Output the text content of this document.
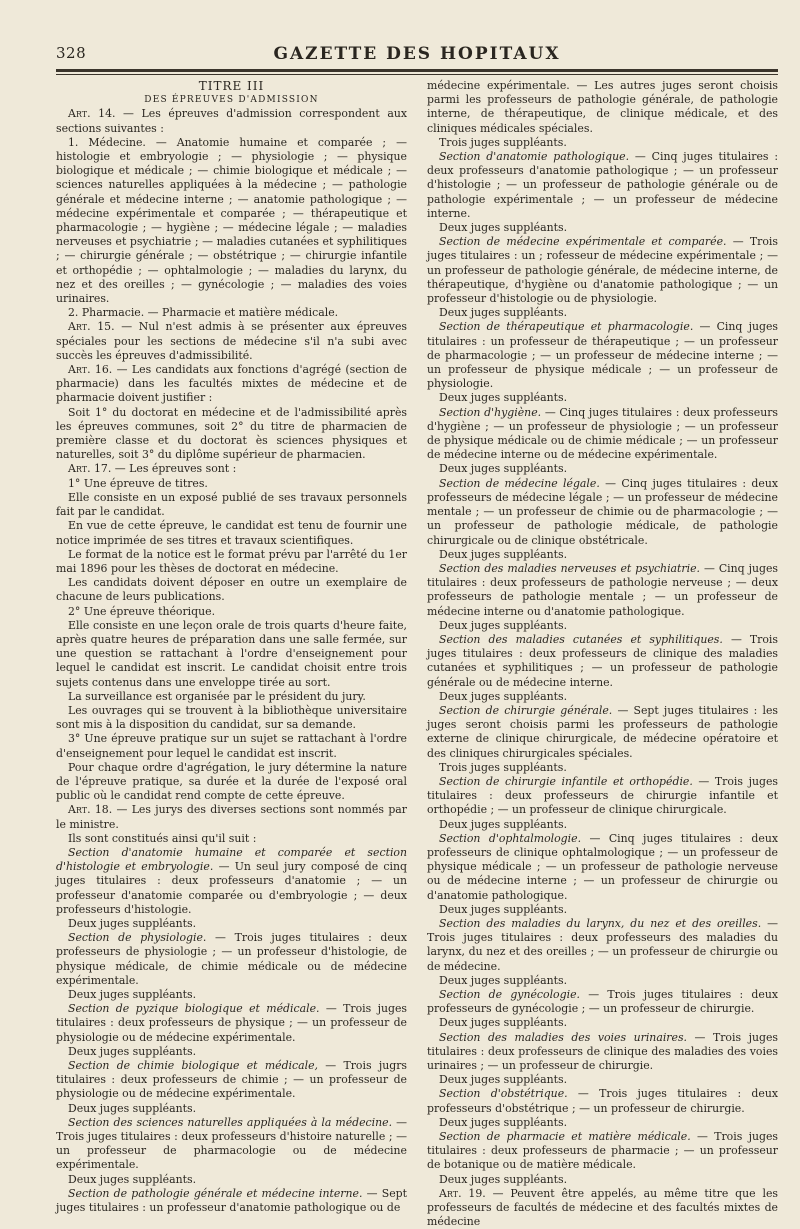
328	GAZETTE DES HOPITAUX

TITRE III

DES ÉPREUVES D'ADMISSION

Art. 14. — Les épreuves d'admission correspondent aux sections suivantes :

1. Médecine. — Anatomie humaine et comparée ; — histologie et embryologie ; — physiologie ; — physique biologique et médicale ; — chimie biologique et médicale ; — sciences naturelles appliquées à la médecine ; — pathologie générale et médecine interne ; — anatomie pathologique ; — médecine expérimentale et comparée ; — thérapeutique et pharmacologie ; — hygiène ; — médecine légale ; — maladies nerveuses et psychiatrie ; — maladies cutanées et syphilitiques ; — chirurgie générale ; — obstétrique ; — chirurgie infantile et orthopédie ; — ophtalmologie ; — maladies du larynx, du nez et des oreilles ; — gynécologie ; — maladies des voies urinaires.

2. Pharmacie. — Pharmacie et matière médicale.

Art. 15. — Nul n'est admis à se présenter aux épreuves spéciales pour les sections de médecine s'il n'a subi avec succès les épreuves d'admissibilité.

Art. 16. — Les candidats aux fonctions d'agrégé (section de pharmacie) dans les facultés mixtes de médecine et de pharmacie doivent justifier :

Soit 1° du doctorat en médecine et de l'admissibilité après les épreuves communes, soit 2° du titre de pharmacien de première classe et du doctorat ès sciences physiques et naturelles, soit 3° du diplôme supérieur de pharmacien.

Art. 17. — Les épreuves sont :

1° Une épreuve de titres.

Elle consiste en un exposé publié de ses travaux personnels fait par le candidat.

En vue de cette épreuve, le candidat est tenu de fournir une notice imprimée de ses titres et travaux scientifiques.

Le format de la notice est le format prévu par l'arrêté du 1er mai 1896 pour les thèses de doctorat en médecine.

Les candidats doivent déposer en outre un exemplaire de chacune de leurs publications.

2° Une épreuve théorique.

Elle consiste en une leçon orale de trois quarts d'heure faite, après quatre heures de préparation dans une salle fermée, sur une question se rattachant à l'ordre d'enseignement pour lequel le candidat est inscrit. Le candidat choisit entre trois sujets contenus dans une enveloppe tirée au sort.

La surveillance est organisée par le président du jury.

Les ouvrages qui se trouvent à la bibliothèque universitaire sont mis à la disposition du candidat, sur sa demande.

3° Une épreuve pratique sur un sujet se rattachant à l'ordre d'enseignement pour lequel le candidat est inscrit.

Pour chaque ordre d'agrégation, le jury détermine la nature de l'épreuve pratique, sa durée et la durée de l'exposé oral public où le candidat rend compte de cette épreuve.

Art. 18. — Les jurys des diverses sections sont nommés par le ministre.

Ils sont constitués ainsi qu'il suit :

Section d'anatomie humaine et comparée et section d'histologie et embryologie. — Un seul jury composé de cinq juges titulaires : deux professeurs d'anatomie ; — un professeur d'anatomie comparée ou d'embryologie ; — deux professeurs d'histologie.

Deux juges suppléants.

Section de physiologie. — Trois juges titulaires : deux professeurs de physiologie ; — un professeur d'histologie, de physique médicale, de chimie médicale ou de médecine expérimentale.

Deux juges suppléants.

Section de pyzique biologique et médicale. — Trois juges titulaires : deux professeurs de physique ; — un professeur de physiologie ou de médecine expérimentale.

Deux juges suppléants.

Section de chimie biologique et médicale, — Trois jugrs titulaires : deux professeurs de chimie ; — un professeur de physiologie ou de médecine expérimentale.

Deux juges suppléants.

Section des sciences naturelles appliquées à la médecine. — Trois juges titulaires : deux professeurs d'histoire naturelle ; — un professeur de pharmacologie ou de médecine expérimentale.

Deux juges suppléants.

Section de pathologie générale et médecine interne. — Sept juges titulaires : un professeur d'anatomie pathologique ou de

médecine expérimentale. — Les autres juges seront choisis parmi les professeurs de pathologie générale, de pathologie interne, de thérapeutique, de clinique médicale, et des cliniques médicales spéciales.

Trois juges suppléants.

Section d'anatomie pathologique. — Cinq juges titulaires : deux professeurs d'anatomie pathologique ; — un professeur d'histologie ; — un professeur de pathologie générale ou de pathologie expérimentale ; — un professeur de médecine interne.

Deux juges suppléants.

Section de médecine expérimentale et comparée. — Trois juges titulaires : un ; rofesseur de médecine expérimentale ; — un professeur de pathologie générale, de médecine interne, de thérapeutique, d'hygiène ou d'anatomie pathologique ; — un professeur d'histologie ou de physiologie.

Deux juges suppléants.

Section de thérapeutique et pharmacologie. — Cinq juges titulaires : un professeur de thérapeutique ; — un professeur de pharmacologie ; — un professeur de médecine interne ; — un professeur de physique médicale ; — un professeur de physiologie.

Deux juges suppléants.

Section d'hygiène. — Cinq juges titulaires : deux professeurs d'hygiène ; — un professeur de physiologie ; — un professeur de physique médicale ou de chimie médicale ; — un professeur de médecine interne ou de médecine expérimentale.

Deux juges suppléants.

Section de médecine légale. — Cinq juges titulaires : deux professeurs de médecine légale ; — un professeur de médecine mentale ; — un professeur de chimie ou de pharmacologie ; — un professeur de pathologie médicale, de pathologie chirurgicale ou de clinique obstétricale.

Deux juges suppléants.

Section des maladies nerveuses et psychiatrie. — Cinq juges titulaires : deux professeurs de pathologie nerveuse ; — deux professeurs de pathologie mentale ; — un professeur de médecine interne ou d'anatomie pathologique.

Deux juges suppléants.

Section des maladies cutanées et syphilitiques. — Trois juges titulaires : deux professeurs de clinique des maladies cutanées et syphilitiques ; — un professeur de pathologie générale ou de médecine interne.

Deux juges suppléants.

Section de chirurgie générale. — Sept juges titulaires : les juges seront choisis parmi les professeurs de pathologie externe de clinique chirurgicale, de médecine opératoire et des cliniques chirurgicales spéciales.

Trois juges suppléants.

Section de chirurgie infantile et orthopédie. — Trois juges titulaires : deux professeurs de chirurgie infantile et orthopédie ; — un professeur de clinique chirurgicale.

Deux juges suppléants.

Section d'ophtalmologie. — Cinq juges titulaires : deux professeurs de clinique ophtalmologique ; — un professeur de physique médicale ; — un professeur de pathologie nerveuse ou de médecine interne ; — un professeur de chirurgie ou d'anatomie pathologique.

Deux juges suppléants.

Section des maladies du larynx, du nez et des oreilles. — Trois juges titulaires : deux professeurs des maladies du larynx, du nez et des oreilles ; — un professeur de chirurgie ou de médecine.

Deux juges suppléants.

Section de gynécologie. — Trois juges titulaires : deux professeurs de gynécologie ; — un professeur de chirurgie.

Deux juges suppléants.

Section des maladies des voies urinaires. — Trois juges titulaires : deux professeurs de clinique des maladies des voies urinaires ; — un professeur de chirurgie.

Deux juges suppléants.

Section d'obstétrique. — Trois juges titulaires : deux professeurs d'obstétrique ; — un professeur de chirurgie.

Deux juges suppléants.

Section de pharmacie et matière médicale. — Trois juges titulaires : deux professeurs de pharmacie ; — un professeur de botanique ou de matière médicale.

Deux juges suppléants.

Art. 19. — Peuvent être appelés, au même titre que les professeurs de facultés de médecine et des facultés mixtes de médecine
